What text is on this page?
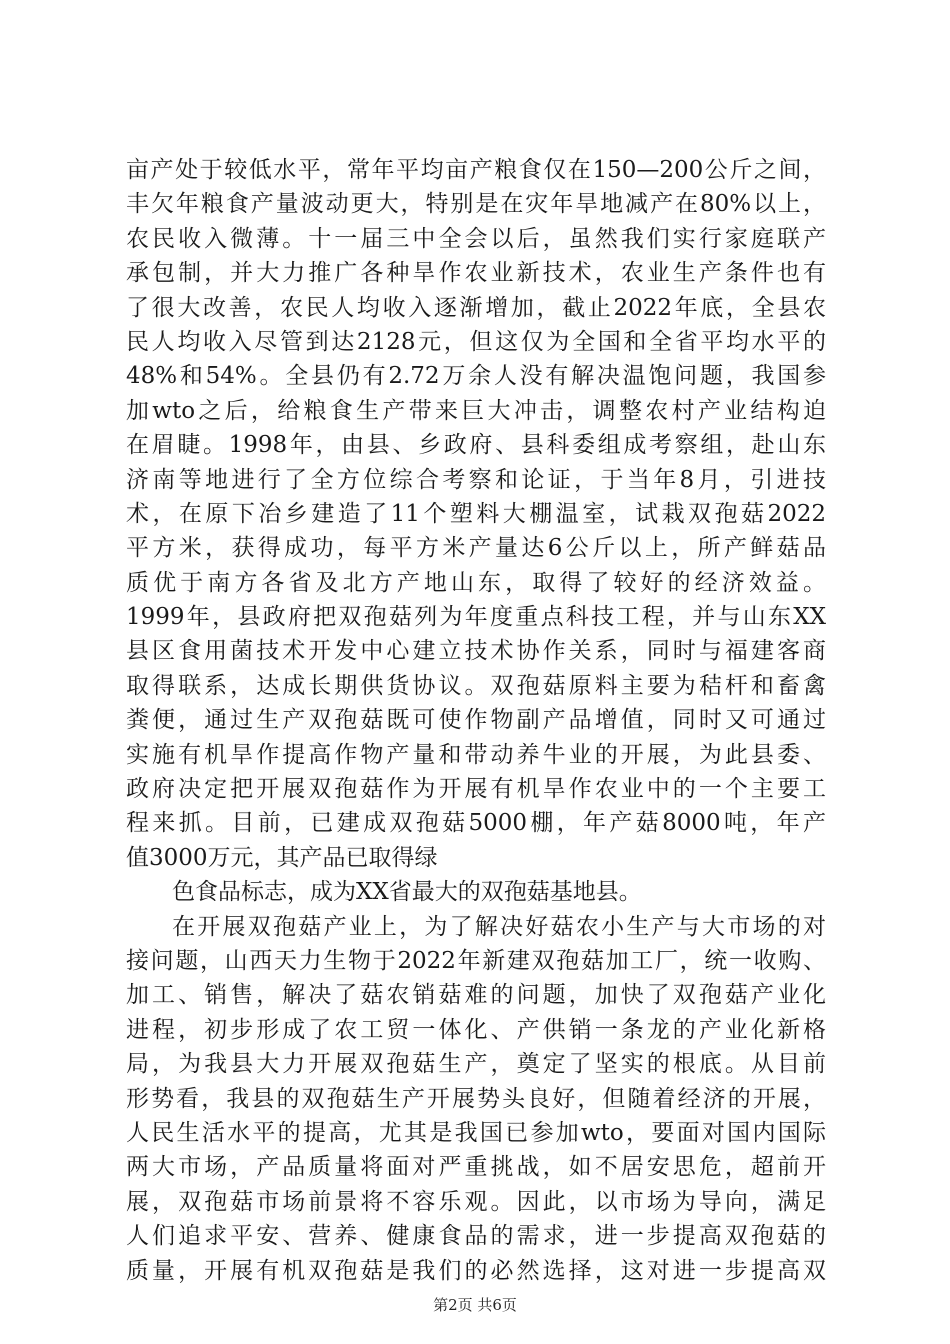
亩产处于较低水平，常年平均亩产粮食仅在150—200公斤之间，
丰欠年粮食产量波动更大，特别是在灾年旱地减产在80%以上，
农民收入微薄。十一届三中全会以后，虽然我们实行家庭联产
承包制，并大力推广各种旱作农业新技术，农业生产条件也有
了很大改善，农民人均收入逐渐增加，截止2022年底，全县农
民人均收入尽管到达2128元，但这仅为全国和全省平均水平的
48%和54%。全县仍有2.72万余人没有解决温饱问题，我国参
加wto之后，给粮食生产带来巨大冲击，调整农村产业结构迫
在眉睫。1998年，由县、乡政府、县科委组成考察组，赴山东
济南等地进行了全方位综合考察和论证，于当年8月，引进技
术，在原下冶乡建造了11个塑料大棚温室，试栽双孢菇2022
平方米，获得成功，每平方米产量达6公斤以上，所产鲜菇品
质优于南方各省及北方产地山东，取得了较好的经济效益。
1999年，县政府把双孢菇列为年度重点科技工程，并与山东XX
县区食用菌技术开发中心建立技术协作关系，同时与福建客商
取得联系，达成长期供货协议。双孢菇原料主要为秸杆和畜禽
粪便，通过生产双孢菇既可使作物副产品增值，同时又可通过
实施有机旱作提高作物产量和带动养牛业的开展，为此县委、
政府决定把开展双孢菇作为开展有机旱作农业中的一个主要工
程来抓。目前，已建成双孢菇5000棚，年产菇8000吨，年产
值3000万元，其产品已取得绿
色食品标志，成为XX省最大的双孢菇基地县。
在开展双孢菇产业上，为了解决好菇农小生产与大市场的对
接问题，山西天力生物于2022年新建双孢菇加工厂，统一收购、
加工、销售，解决了菇农销菇难的问题，加快了双孢菇产业化
进程，初步形成了农工贸一体化、产供销一条龙的产业化新格
局，为我县大力开展双孢菇生产，奠定了坚实的根底。从目前
形势看，我县的双孢菇生产开展势头良好，但随着经济的开展，
人民生活水平的提高，尤其是我国已参加wto，要面对国内国际
两大市场，产品质量将面对严重挑战，如不居安思危，超前开
展，双孢菇市场前景将不容乐观。因此，以市场为导向，满足
人们追求平安、营养、健康食品的需求，进一步提高双孢菇的
质量，开展有机双孢菇是我们的必然选择，这对进一步提高双
第2页 共6页
